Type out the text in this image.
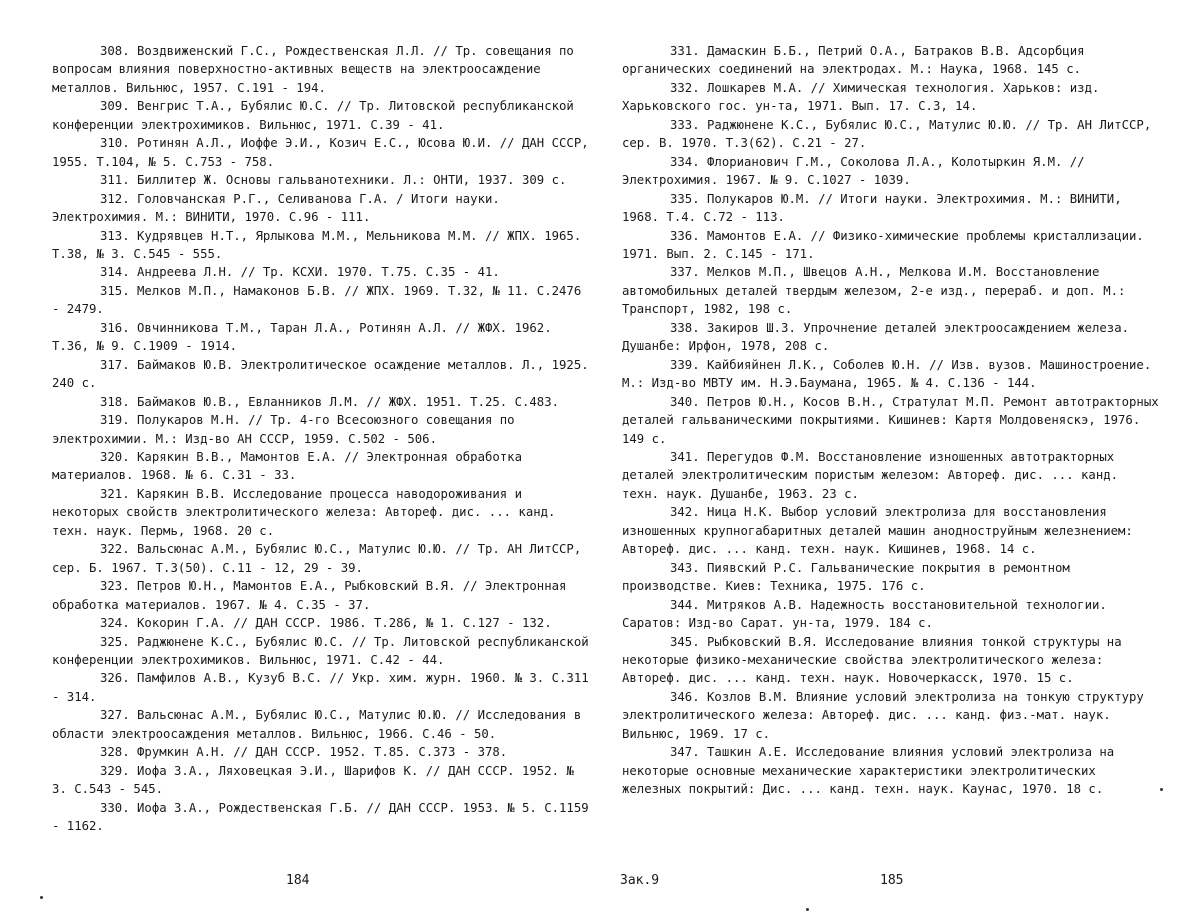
308. Воздвиженский Г.С., Рождественская Л.Л. // Тр. совещания по вопросам влияния поверхностно-активных веществ на электроосаждение металлов. Вильнюс, 1957. С.191 - 194.

309. Венгрис Т.А., Бубялис Ю.С. // Тр. Литовской республиканской конференции электрохимиков. Вильнюс, 1971. С.39 - 41.

310. Ротинян А.Л., Иоффе Э.И., Козич Е.С., Юсова Ю.И. // ДАН СССР, 1955. Т.104, № 5. С.753 - 758.

311. Биллитер Ж. Основы гальванотехники. Л.: ОНТИ, 1937. 309 с.

312. Головчанская Р.Г., Селиванова Г.А. / Итоги науки. Электрохимия. М.: ВИНИТИ, 1970. С.96 - 111.

313. Кудрявцев Н.Т., Ярлыкова М.М., Мельникова М.М. // ЖПХ. 1965. Т.38, № 3. С.545 - 555.

314. Андреева Л.Н. // Тр. КСХИ. 1970. Т.75. С.35 - 41.

315. Мелков М.П., Намаконов Б.В. // ЖПХ. 1969. Т.32, № 11. С.2476 - 2479.

316. Овчинникова Т.М., Таран Л.А., Ротинян А.Л. // ЖФХ. 1962. Т.36, № 9. С.1909 - 1914.

317. Баймаков Ю.В. Электролитическое осаждение металлов. Л., 1925. 240 с.

318. Баймаков Ю.В., Евланников Л.М. // ЖФХ. 1951. Т.25. С.483.

319. Полукаров М.Н. // Тр. 4-го Всесоюзного совещания по электрохимии. М.: Изд-во АН СССР, 1959. С.502 - 506.

320. Карякин В.В., Мамонтов Е.А. // Электронная обработка материалов. 1968. № 6. С.31 - 33.

321. Карякин В.В. Исследование процесса наводороживания и некоторых свойств электролитического железа: Автореф. дис. ... канд. техн. наук. Пермь, 1968. 20 с.

322. Вальсюнас А.М., Бубялис Ю.С., Матулис Ю.Ю. // Тр. АН ЛитССР, сер. Б. 1967. Т.3(50). С.11 - 12, 29 - 39.

323. Петров Ю.Н., Мамонтов Е.А., Рыбковский В.Я. // Электронная обработка материалов. 1967. № 4. С.35 - 37.

324. Кокорин Г.А. // ДАН СССР. 1986. Т.286, № 1. С.127 - 132.

325. Раджюнене К.С., Бубялис Ю.С. // Тр. Литовской республиканской конференции электрохимиков. Вильнюс, 1971. С.42 - 44.

326. Памфилов А.В., Кузуб В.С. // Укр. хим. журн. 1960. № 3. С.311 - 314.

327. Вальсюнас А.М., Бубялис Ю.С., Матулис Ю.Ю. // Исследования в области электроосаждения металлов. Вильнюс, 1966. С.46 - 50.

328. Фрумкин А.Н. // ДАН СССР. 1952. Т.85. С.373 - 378.

329. Иофа З.А., Ляховецкая Э.И., Шарифов К. // ДАН СССР. 1952. № 3. С.543 - 545.

330. Иофа З.А., Рождественская Г.Б. // ДАН СССР. 1953. № 5. С.1159 - 1162.

331. Дамаскин Б.Б., Петрий О.А., Батраков В.В. Адсорбция органических соединений на электродах. М.: Наука, 1968. 145 с.

332. Лошкарев М.А. // Химическая технология. Харьков: изд. Харьковского гос. ун-та, 1971. Вып. 17. С.3, 14.

333. Раджюнене К.С., Бубялис Ю.С., Матулис Ю.Ю. // Тр. АН ЛитССР, сер. В. 1970. Т.3(62). С.21 - 27.

334. Флорианович Г.М., Соколова Л.А., Колотыркин Я.М. // Электрохимия. 1967. № 9. С.1027 - 1039.

335. Полукаров Ю.М. // Итоги науки. Электрохимия. М.: ВИНИТИ, 1968. Т.4. С.72 - 113.

336. Мамонтов Е.А. // Физико-химические проблемы кристаллизации. 1971. Вып. 2. С.145 - 171.

337. Мелков М.П., Швецов А.Н., Мелкова И.М. Восстановление автомобильных деталей твердым железом, 2-е изд., перераб. и доп. М.: Транспорт, 1982, 198 с.

338. Закиров Ш.З. Упрочнение деталей электроосаждением железа. Душанбе: Ирфон, 1978, 208 с.

339. Кайбияйнен Л.К., Соболев Ю.Н. // Изв. вузов. Машиностроение. М.: Изд-во МВТУ им. Н.Э.Баумана, 1965. № 4. С.136 - 144.

340. Петров Ю.Н., Косов В.Н., Стратулат М.П. Ремонт автотракторных деталей гальваническими покрытиями. Кишинев: Картя Молдовеняскэ, 1976. 149 с.

341. Перегудов Ф.М. Восстановление изношенных автотракторных деталей электролитическим пористым железом: Автореф. дис. ... канд. техн. наук. Душанбе, 1963. 23 с.

342. Ница Н.К. Выбор условий электролиза для восстановления изношенных крупногабаритных деталей машин анодноструйным железнением: Автореф. дис. ... канд. техн. наук. Кишинев, 1968. 14 с.

343. Пиявский Р.С. Гальванические покрытия в ремонтном производстве. Киев: Техника, 1975. 176 с.

344. Митряков А.В. Надежность восстановительной технологии. Саратов: Изд-во Сарат. ун-та, 1979. 184 с.

345. Рыбковский В.Я. Исследование влияния тонкой структуры на некоторые физико-механические свойства электролитического железа: Автореф. дис. ... канд. техн. наук. Новочеркасск, 1970. 15 с.

346. Козлов В.М. Влияние условий электролиза на тонкую структуру электролитического железа: Автореф. дис. ... канд. физ.-мат. наук. Вильнюс, 1969. 17 с.

347. Ташкин А.Е. Исследование влияния условий электролиза на некоторые основные механические характеристики электролитических железных покрытий: Дис. ... канд. техн. наук. Каунас, 1970. 18 с.

184	Зак.9	185
